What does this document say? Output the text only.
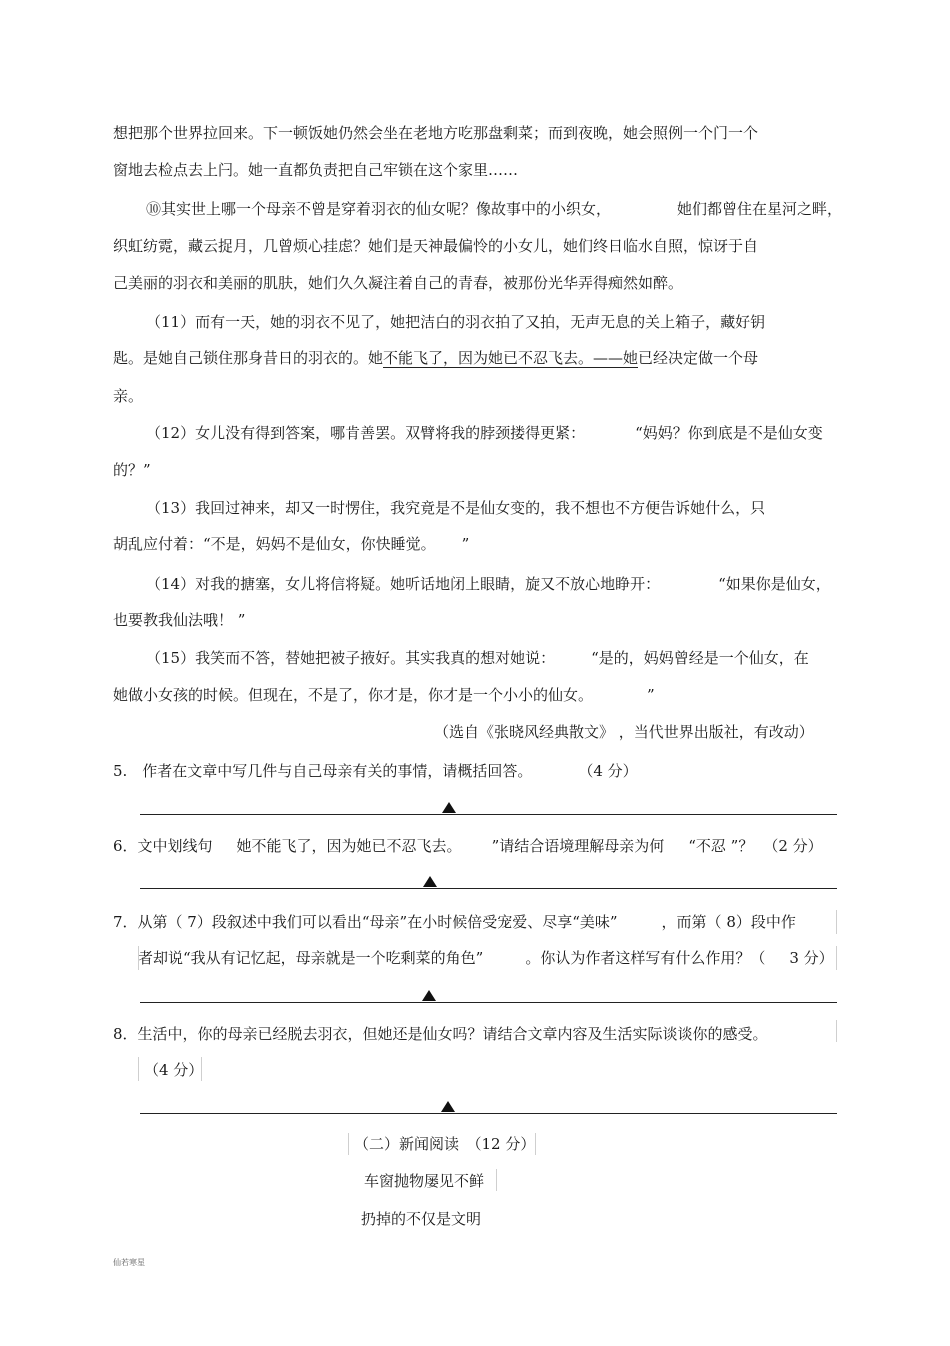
想把那个世界拉回来。下一顿饭她仍然会坐在老地方吃那盘剩菜；而到夜晚，她会照例一个门一个
窗地去检点去上闩。她一直都负责把自己牢锁在这个家里……
⑩其实世上哪一个母亲不曾是穿着羽衣的仙女呢？像故事中的小织女，	她们都曾住在星河之畔，
织虹纺霓，藏云捉月，几曾烦心挂虑？她们是天神最偏怜的小女儿，她们终日临水自照，惊讶于自
己美丽的羽衣和美丽的肌肤，她们久久凝注着自己的青春，被那份光华弄得痴然如醉。
（11）而有一天，她的羽衣不见了，她把洁白的羽衣拍了又拍，无声无息的关上箱子，藏好钥
匙。是她自己锁住那身昔日的羽衣的。她不能飞了，因为她已不忍飞去。——她已经决定做一个母
亲。
（12）女儿没有得到答案，哪肯善罢。双臂将我的脖颈搂得更紧：	“妈妈？你到底是不是仙女变
的？”
（13）我回过神来，却又一时愣住，我究竟是不是仙女变的，我不想也不方便告诉她什么，只
胡乱应付着：“不是，妈妈不是仙女，你快睡觉。 ”
（14）对我的搪塞，女儿将信将疑。她听话地闭上眼睛，旋又不放心地睁开：	“如果你是仙女，
也要教我仙法哦！ ”
（15）我笑而不答，替她把被子掖好。其实我真的想对她说： “是的，妈妈曾经是一个仙女，在
她做小女孩的时候。但现在，不是了，你才是，你才是一个小小的仙女。	”
（选自《张晓风经典散文》 ，当代世界出版社，有改动）
5.　作者在文章中写几件与自己母亲有关的事情，请概括回答。	（4 分）
6．文中划线句 她不能飞了，因为她已不忍飞去。 ”请结合语境理解母亲为何 “不忍 ”？ （2 分）
7．从第（ 7）段叙述中我们可以看出“母亲”在小时候倍受宠爱、尽享“美味”	，而第（ 8）段中作
者却说“我从有记忆起，母亲就是一个吃剩菜的角色”	。你认为作者这样写有什么作用？（ 3 分）
8．生活中，你的母亲已经脱去羽衣，但她还是仙女吗？请结合文章内容及生活实际谈谈你的感受。
（4 分）
（二）新闻阅读　（12 分）
车窗抛物屡见不鲜
扔掉的不仅是文明
仙若寒星
